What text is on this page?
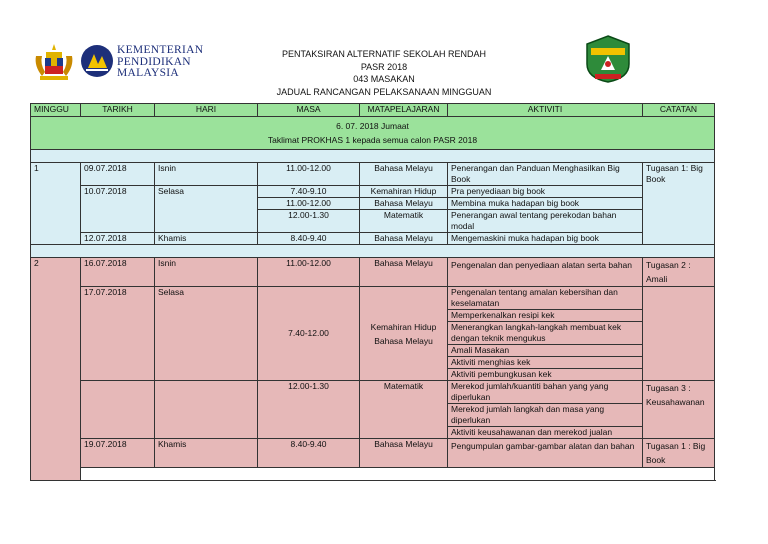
KEMENTERIAN
PENDIDIKAN
MALAYSIA
PENTAKSIRAN ALTERNATIF SEKOLAH RENDAH
PASR 2018
043 MASAKAN
JADUAL RANCANGAN PELAKSANAAN MINGGUAN
MINGGU	TARIKH	HARI	MASA	MATAPELAJARAN	AKTIVITI	CATATAN

6. 07. 2018 Jumaat
Taklimat PROKHAS 1 kepada semua calon PASR 2018						

1	09.07.2018	Isnin	11.00-12.00	Bahasa Melayu	Penerangan dan Panduan Menghasilkan Big Book	Tugasan 1: Big Book
	10.07.2018	Selasa	7.40-9.10	Kemahiran Hidup	Pra penyediaan big book	
			11.00-12.00	Bahasa Melayu	Membina muka hadapan big book	
			12.00-1.30	Matematik	Penerangan awal tentang perekodan bahan modal	
	12.07.2018	Khamis	8.40-9.40	Bahasa Melayu	Mengemaskini muka hadapan big book	

2	16.07.2018	Isnin	11.00-12.00	Bahasa Melayu	Pengenalan dan penyediaan alatan serta bahan	Tugasan 2 : Amali
	17.07.2018	Selasa	7.40-12.00	Kemahiran Hidup Bahasa Melayu	Pengenalan tentang amalan kebersihan dan keselamatan	
					Memperkenalkan resipi kek	
					Menerangkan langkah-langkah membuat kek dengan teknik mengukus	
					Amali Masakan	
					Aktiviti menghias kek	
					Aktiviti pembungkusan kek	
			12.00-1.30	Matematik	Merekod jumlah/kuantiti bahan yang yang diperlukan	Tugasan 3 : Keusahawanan
					Merekod jumlah langkah dan masa yang diperlukan	
					Aktiviti keusahawanan dan merekod jualan	
	19.07.2018	Khamis	8.40-9.40	Bahasa Melayu	Pengumpulan gambar-gambar alatan dan bahan	Tugasan 1 : Big Book
